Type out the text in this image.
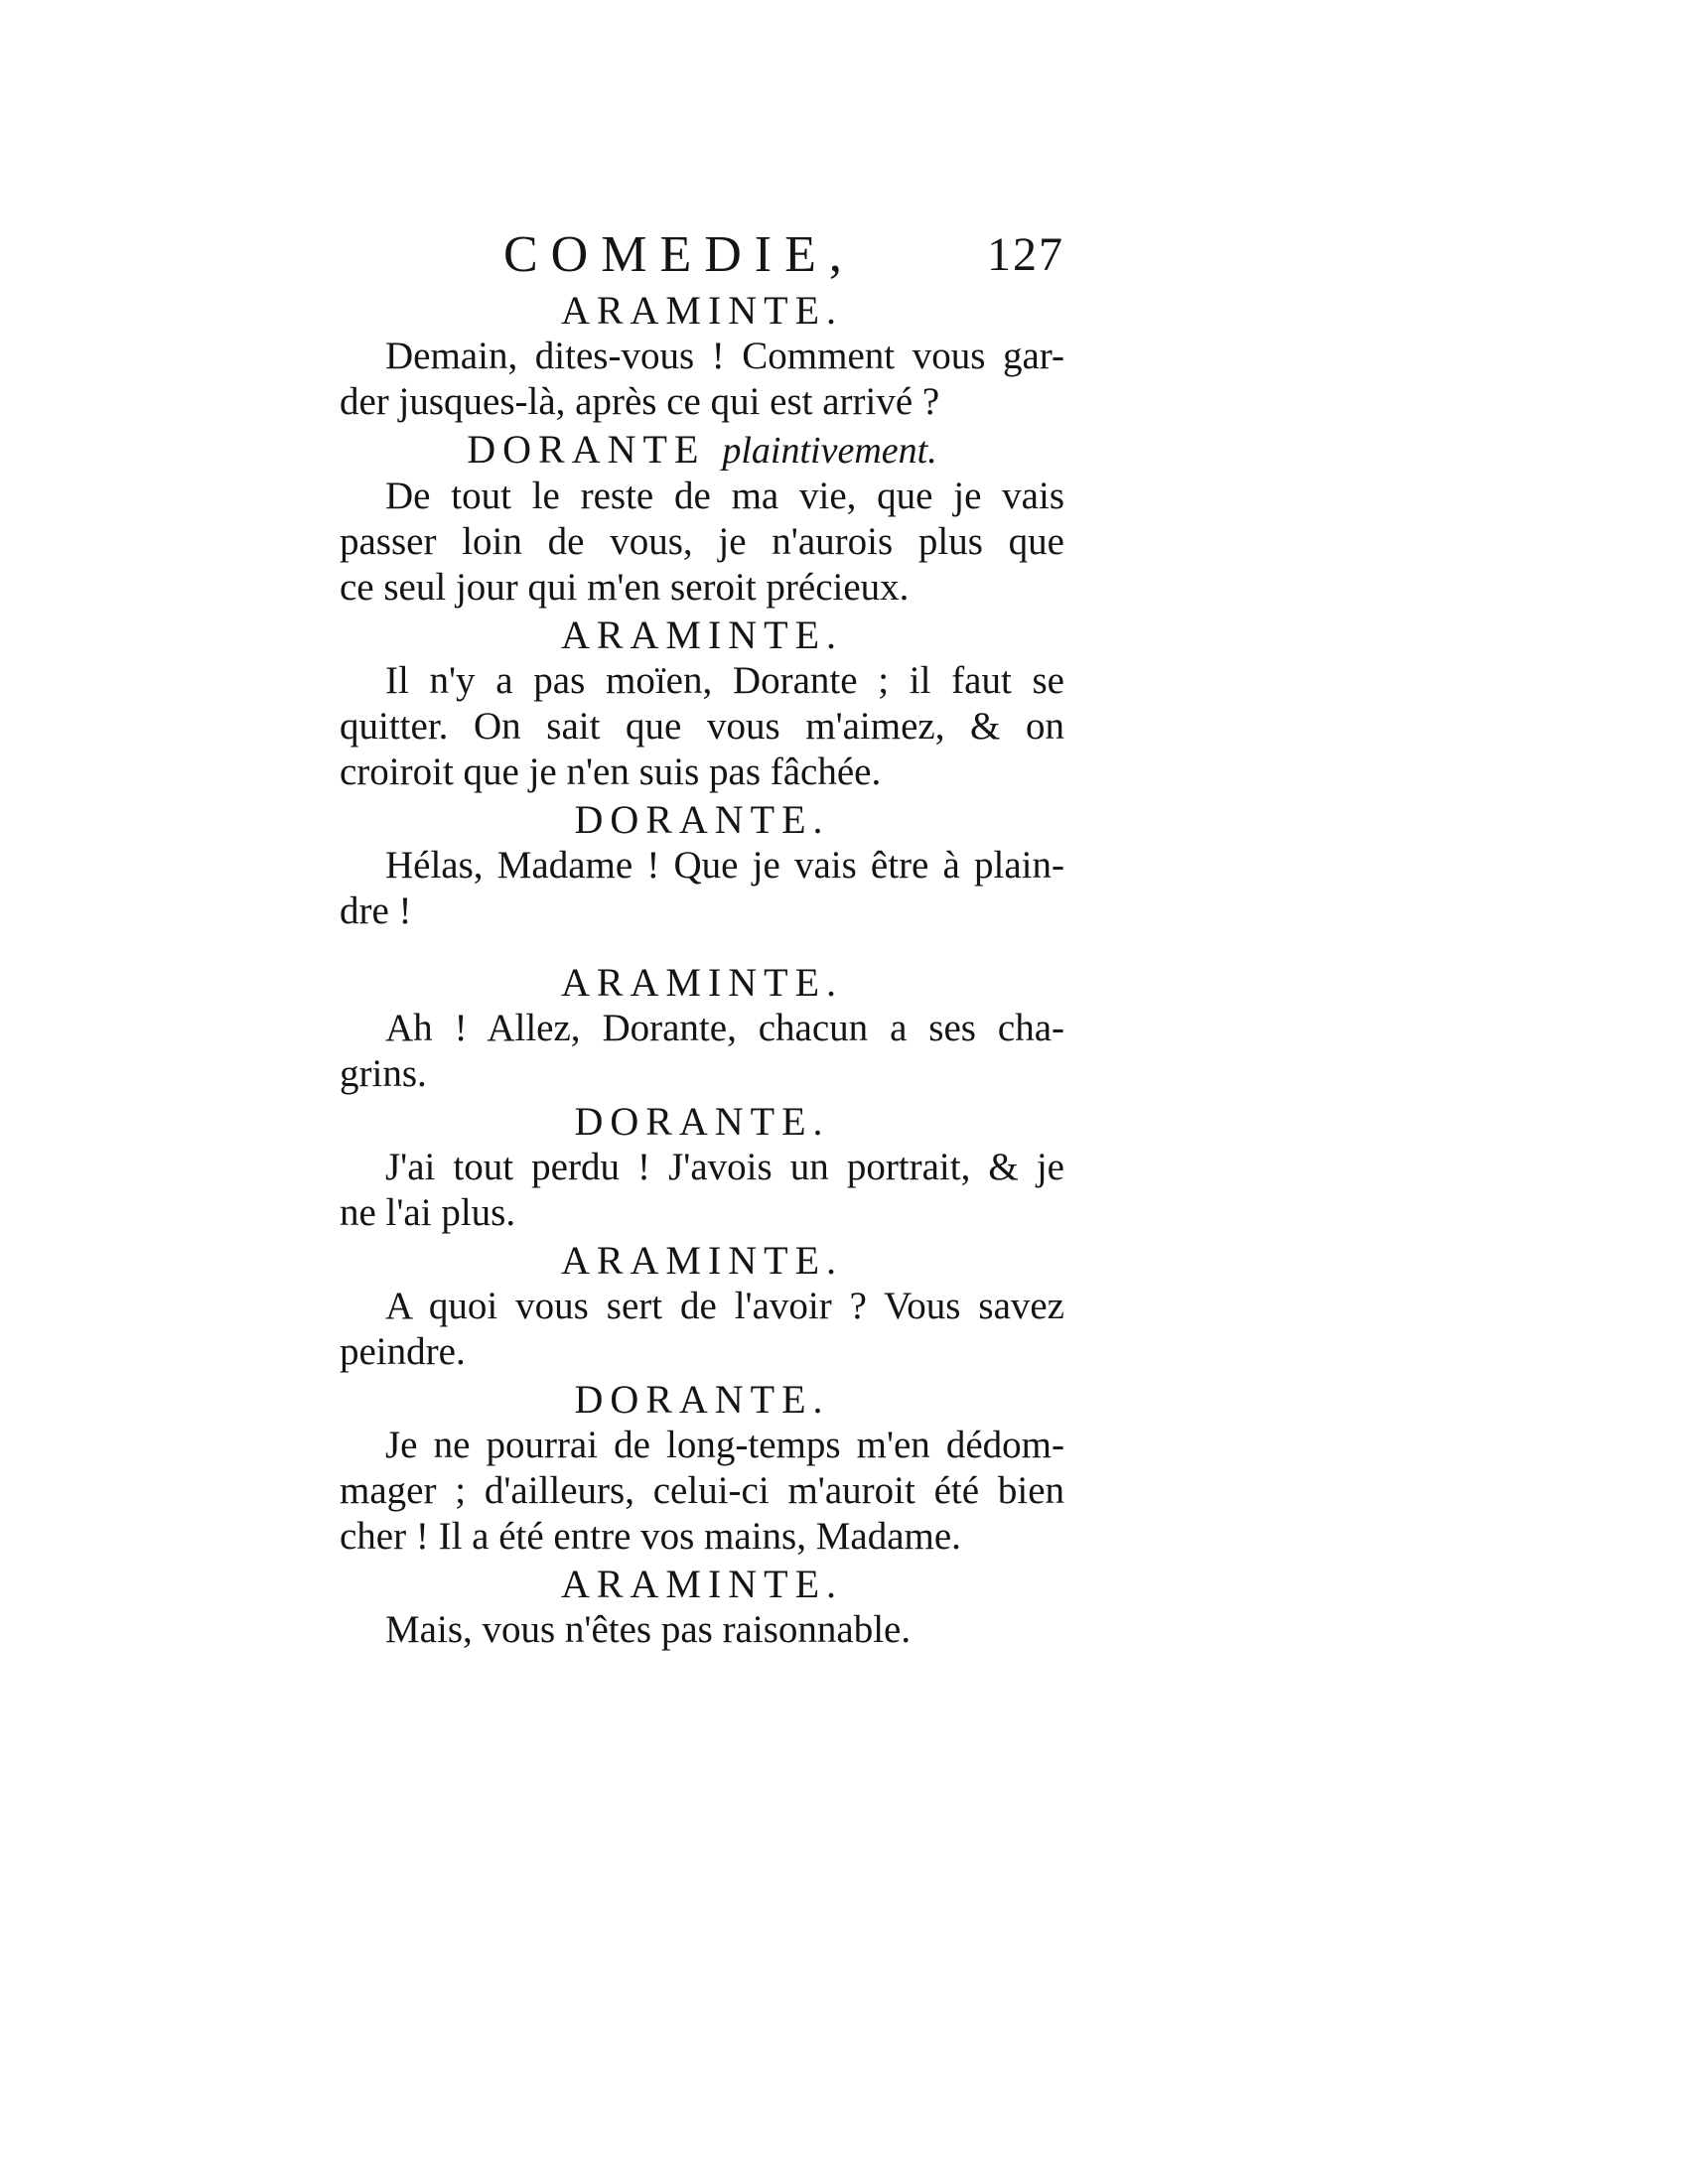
COMEDIE,	127
ARAMINTE.
Demain, dites-vous ! Comment vous gar-
der jusques-là, après ce qui est arrivé ?
DORANTE plaintivement.
De tout le reste de ma vie, que je vais
passer loin de vous, je n'aurois plus que
ce seul jour qui m'en seroit précieux.
ARAMINTE.
Il n'y a pas moïen, Dorante ; il faut se
quitter. On sait que vous m'aimez, & on
croiroit que je n'en suis pas fâchée.
DORANTE.
Hélas, Madame ! Que je vais être à plain-
dre !
ARAMINTE.
Ah ! Allez, Dorante, chacun a ses cha-
grins.
DORANTE.
J'ai tout perdu ! J'avois un portrait, & je
ne l'ai plus.
ARAMINTE.
A quoi vous sert de l'avoir ? Vous savez
peindre.
DORANTE.
Je ne pourrai de long-temps m'en dédom-
mager ; d'ailleurs, celui-ci m'auroit été bien
cher ! Il a été entre vos mains, Madame.
ARAMINTE.
Mais, vous n'êtes pas raisonnable.
